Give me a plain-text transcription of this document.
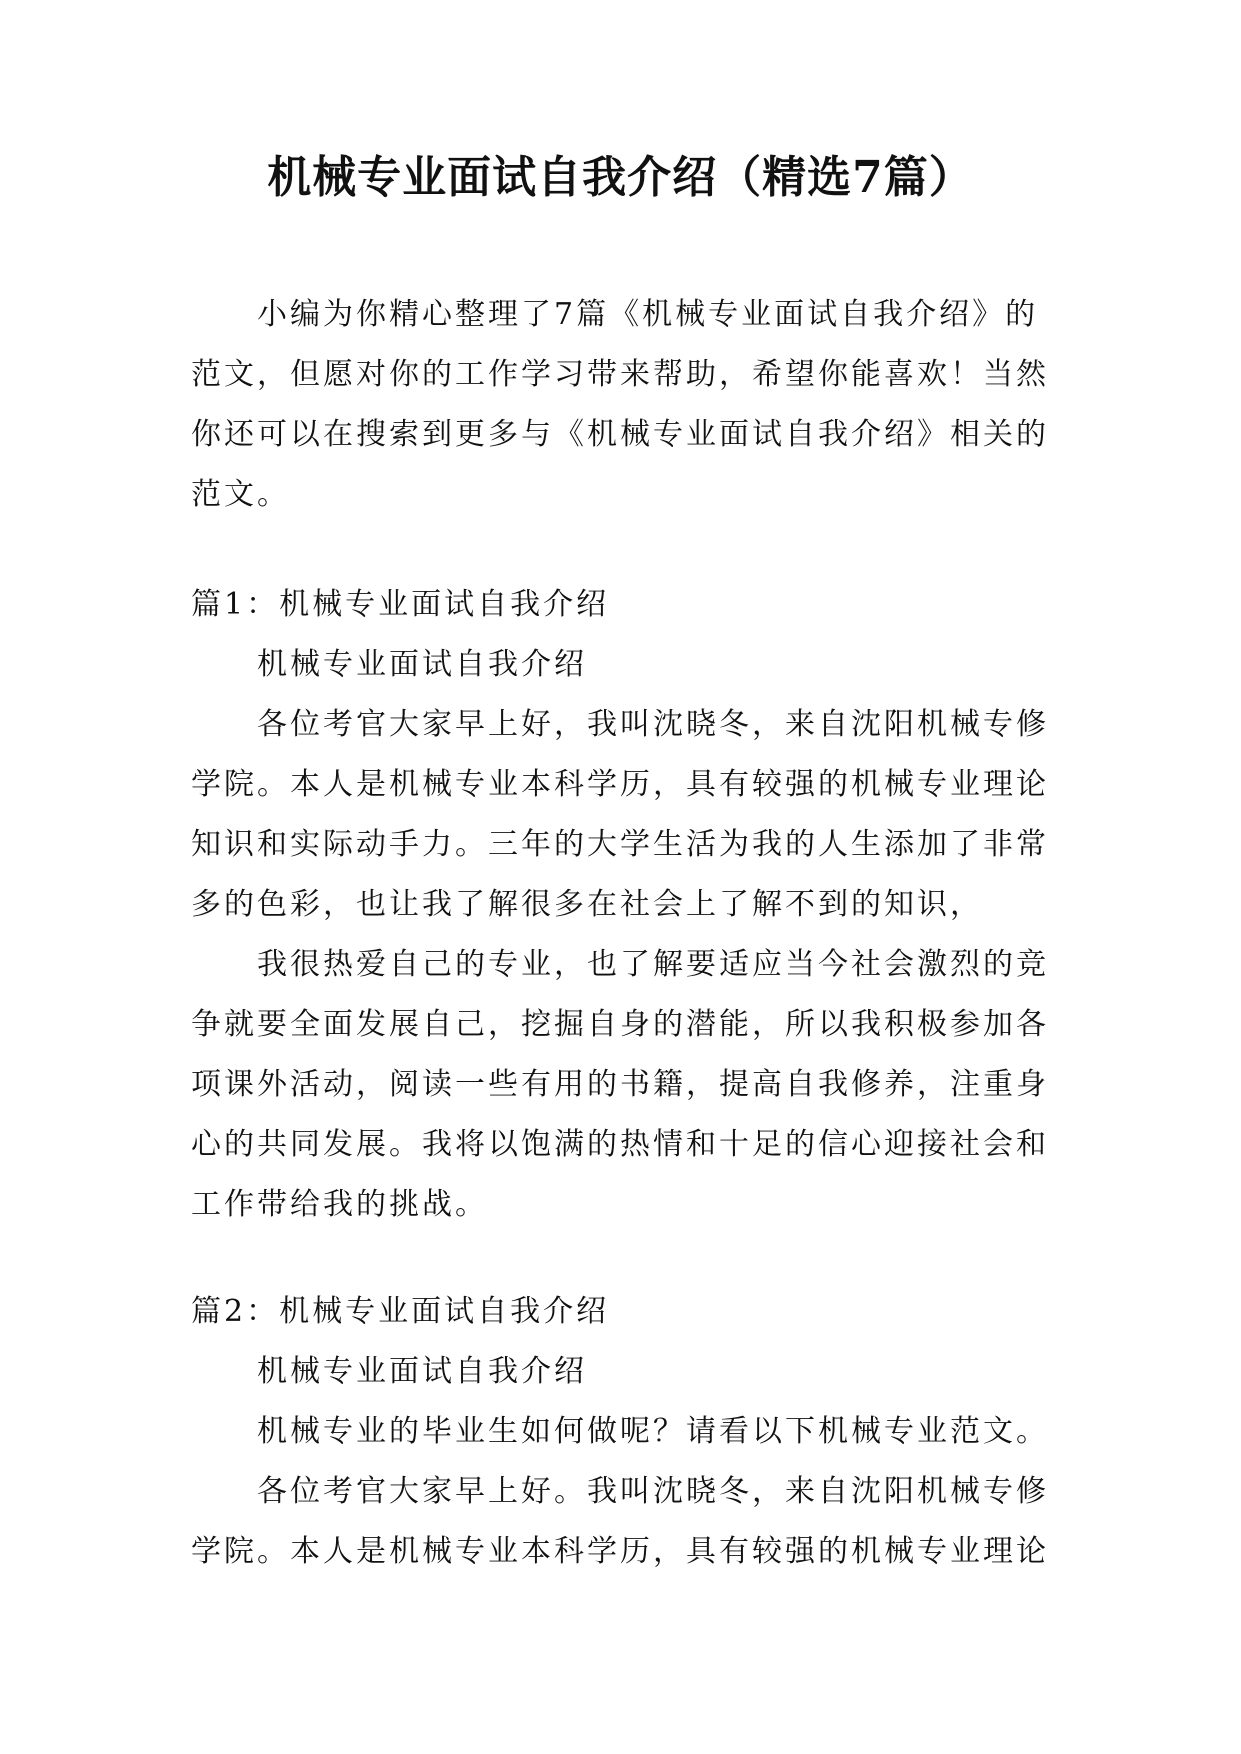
机械专业面试自我介绍（精选7篇）

小编为你精心整理了7篇《机械专业面试自我介绍》的范文，但愿对你的工作学习带来帮助，希望你能喜欢！当然你还可以在搜索到更多与《机械专业面试自我介绍》相关的范文。

篇1：机械专业面试自我介绍

机械专业面试自我介绍

各位考官大家早上好，我叫沈晓冬，来自沈阳机械专修学院。本人是机械专业本科学历，具有较强的机械专业理论知识和实际动手力。三年的大学生活为我的人生添加了非常多的色彩，也让我了解很多在社会上了解不到的知识，

我很热爱自己的专业，也了解要适应当今社会激烈的竞争就要全面发展自己，挖掘自身的潜能，所以我积极参加各项课外活动，阅读一些有用的书籍，提高自我修养，注重身心的共同发展。我将以饱满的热情和十足的信心迎接社会和工作带给我的挑战。

篇2：机械专业面试自我介绍

机械专业面试自我介绍

机械专业的毕业生如何做呢？请看以下机械专业范文。

各位考官大家早上好。我叫沈晓冬，来自沈阳机械专修学院。本人是机械专业本科学历，具有较强的机械专业理论
